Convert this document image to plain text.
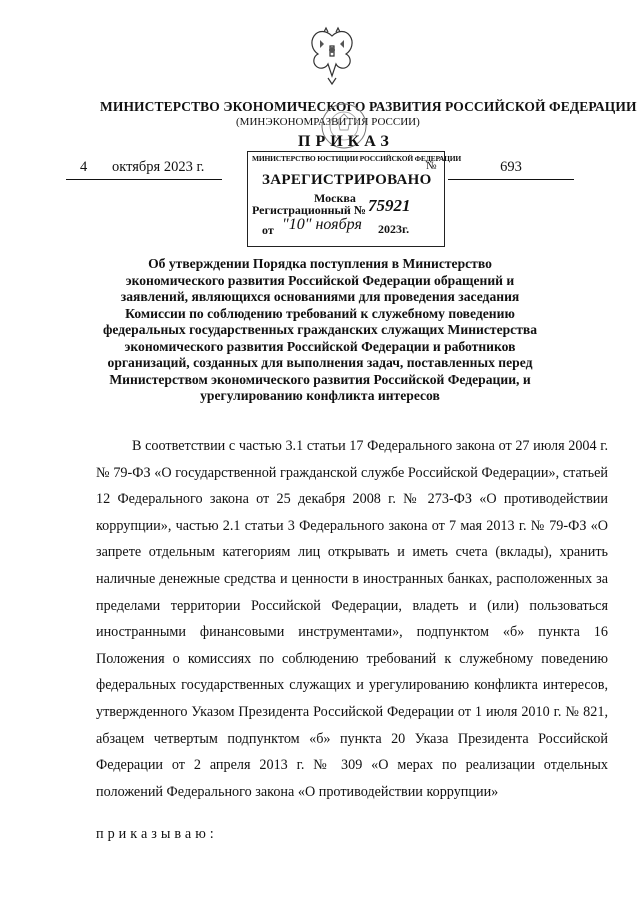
МИНИСТЕРСТВО ЭКОНОМИЧЕСКОГО РАЗВИТИЯ РОССИЙСКОЙ ФЕДЕРАЦИИ
(МИНЭКОНОМРАЗВИТИЯ РОССИИ)
ПРИКАЗ
4 октября 2023 г.
МИНИСТЕРСТВО ЮСТИЦИИ РОССИЙСКОЙ ФЕДЕРАЦИИ
ЗАРЕГИСТРИРОВАНО
Москва
Регистрационный № 75921
от "10" ноября 2023г.
№	693
Об утверждении Порядка поступления в Министерство экономического развития Российской Федерации обращений и заявлений, являющихся основаниями для проведения заседания Комиссии по соблюдению требований к служебному поведению федеральных государственных гражданских служащих Министерства экономического развития Российской Федерации и работников организаций, созданных для выполнения задач, поставленных перед Министерством экономического развития Российской Федерации, и урегулированию конфликта интересов

В соответствии с частью 3.1 статьи 17 Федерального закона от 27 июля 2004 г. № 79-ФЗ «О государственной гражданской службе Российской Федерации», статьей 12 Федерального закона от 25 декабря 2008 г. № 273-ФЗ «О противодействии коррупции», частью 2.1 статьи 3 Федерального закона от 7 мая 2013 г. № 79-ФЗ «О запрете отдельным категориям лиц открывать и иметь счета (вклады), хранить наличные денежные средства и ценности в иностранных банках, расположенных за пределами территории Российской Федерации, владеть и (или) пользоваться иностранными финансовыми инструментами», подпунктом «б» пункта 16 Положения о комиссиях по соблюдению требований к служебному поведению федеральных государственных служащих и урегулированию конфликта интересов, утвержденного Указом Президента Российской Федерации от 1 июля 2010 г. № 821, абзацем четвертым подпунктом «б» пункта 20 Указа Президента Российской Федерации от 2 апреля 2013 г. № 309 «О мерах по реализации отдельных положений Федерального закона «О противодействии коррупции»

приказываю:
